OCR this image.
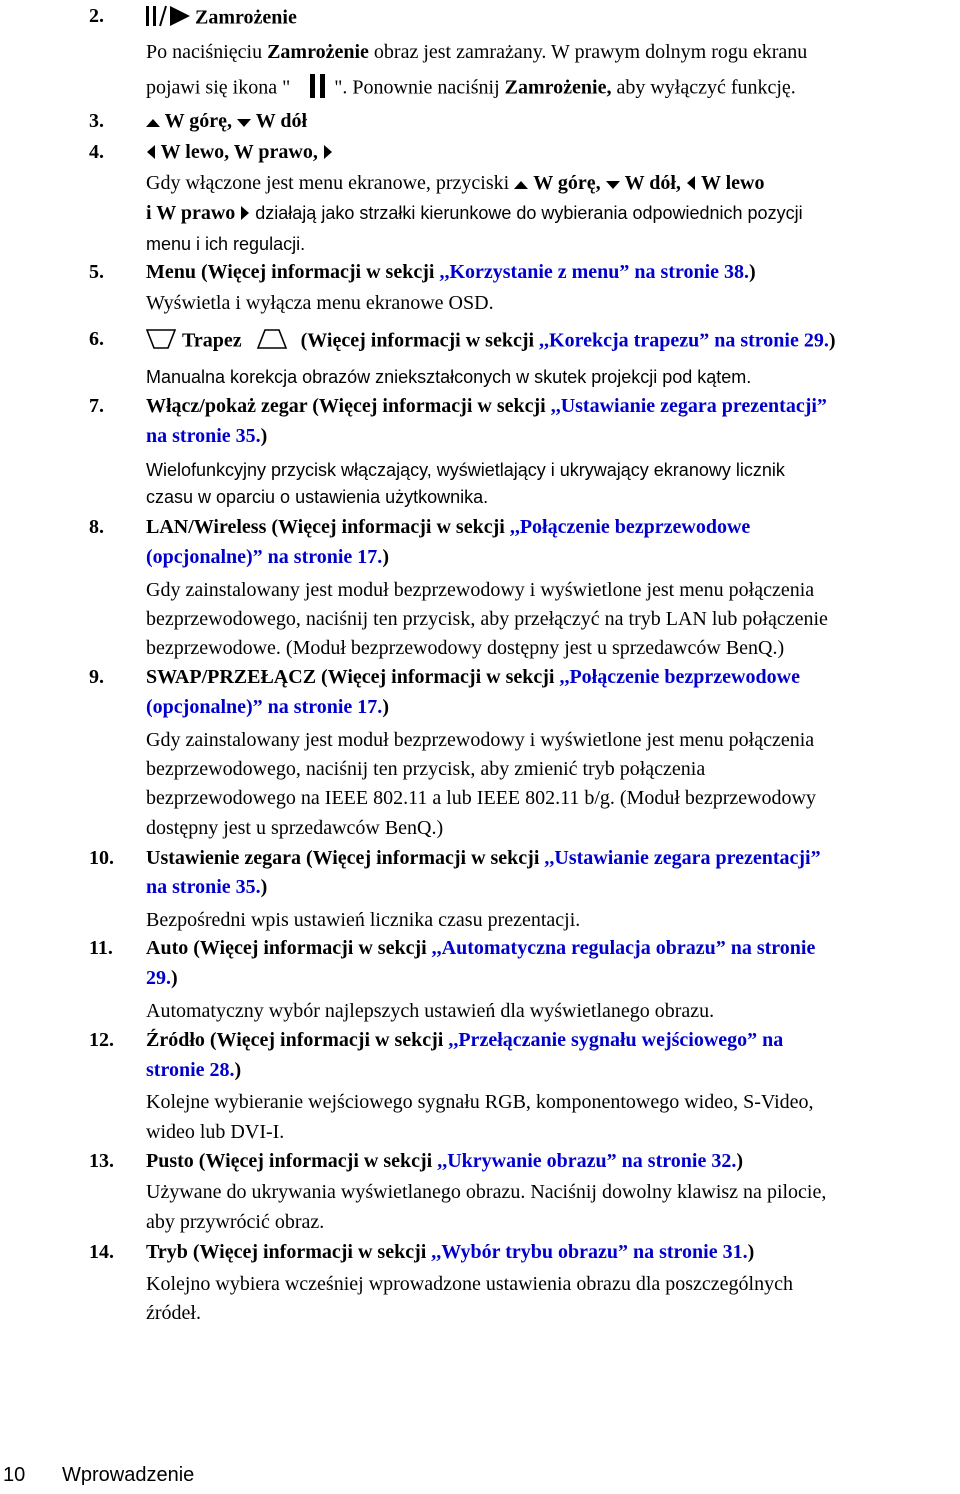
2.	Zamrożenie
Po naciśnięciu Zamrożenie obraz jest zamrażany. W prawym dolnym rogu ekranu
pojawi się ikona " ". Ponownie naciśnij Zamrożenie, aby wyłączyć funkcję.
3.	W górę, W dół
4.	W lewo, W prawo,
Gdy włączone jest menu ekranowe, przyciski  W górę, W dół, W lewo
i W prawo działają jako strzałki kierunkowe do wybierania odpowiednich pozycji
menu i ich regulacji.
5. Menu (Więcej informacji w sekcji ,,Korzystanie z menu” na stronie 38.)
Wyświetla i wyłącza menu ekranowe OSD.
6.	Trapez	(Więcej informacji w sekcji ,,Korekcja trapezu” na stronie 29.)
Manualna korekcja obrazów zniekształconych w skutek projekcji pod kątem.
7. Włącz/pokaż zegar (Więcej informacji w sekcji ,,Ustawianie zegara prezentacji”
na stronie 35.)
Wielofunkcyjny przycisk włączający, wyświetlający i ukrywający ekranowy licznik
czasu w oparciu o ustawienia użytkownika.
8. LAN/Wireless (Więcej informacji w sekcji ,,Połączenie bezprzewodowe
(opcjonalne)” na stronie 17.)
Gdy zainstalowany jest moduł bezprzewodowy i wyświetlone jest menu połączenia
bezprzewodowego, naciśnij ten przycisk, aby przełączyć na tryb LAN lub połączenie
bezprzewodowe. (Moduł bezprzewodowy dostępny jest u sprzedawców BenQ.)
9. SWAP/PRZEŁĄCZ (Więcej informacji w sekcji ,,Połączenie bezprzewodowe
(opcjonalne)” na stronie 17.)
Gdy zainstalowany jest moduł bezprzewodowy i wyświetlone jest menu połączenia
bezprzewodowego, naciśnij ten przycisk, aby zmienić tryb połączenia
bezprzewodowego na IEEE 802.11 a lub IEEE 802.11 b/g. (Moduł bezprzewodowy
dostępny jest u sprzedawców BenQ.)
10. Ustawienie zegara (Więcej informacji w sekcji ,,Ustawianie zegara prezentacji”
na stronie 35.)
Bezpośredni wpis ustawień licznika czasu prezentacji.
11. Auto (Więcej informacji w sekcji ,,Automatyczna regulacja obrazu” na stronie
29.)
Automatyczny wybór najlepszych ustawień dla wyświetlanego obrazu.
12. Źródło (Więcej informacji w sekcji ,,Przełączanie sygnału wejściowego” na
stronie 28.)
Kolejne wybieranie wejściowego sygnału RGB, komponentowego wideo, S-Video,
wideo lub DVI-I.
13. Pusto (Więcej informacji w sekcji ,,Ukrywanie obrazu” na stronie 32.)
Używane do ukrywania wyświetlanego obrazu. Naciśnij dowolny klawisz na pilocie,
aby przywrócić obraz.
14. Tryb (Więcej informacji w sekcji ,,Wybór trybu obrazu” na stronie 31.)
Kolejno wybiera wcześniej wprowadzone ustawienia obrazu dla poszczególnych
źródeł.
10 Wprowadzenie
